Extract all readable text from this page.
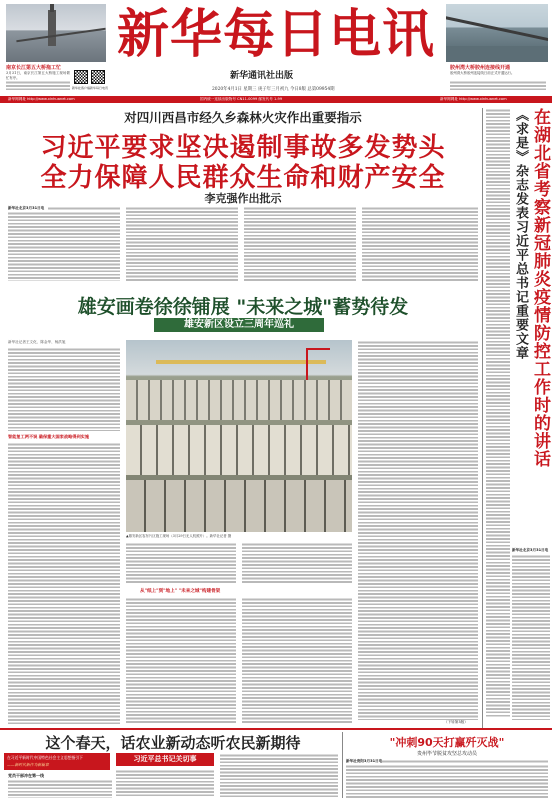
南京长江第五大桥拖工忙
3月31日，南京长江第五大桥施工现场繁忙有序。
新华社客户端 新华每日电讯
新华每日电讯
新华通讯社出版
2020年4月1日 星期三 庚子年三月初九 今日8版 总第09954期
胶州湾大桥胶州连接线开通
胶州湾大桥胶州连接线日前正式开通运行。
新华网网址 http://www.xinhuanet.com	国内统一连续出版物号 CN11-0099 邮发代号 1-99	新华网网址 http://www.xinhuanet.com
对四川西昌市经久乡森林火灾作出重要指示
习近平要求坚决遏制事故多发势头
全力保障人民群众生命和财产安全
李克强作出批示
新华社北京3月31日电
雄安画卷徐徐铺展 "未来之城"蓄势待发
雄安新区设立三周年巡礼
新华社记者王文化、陈金华、杨洪旭
智能复工两不误 确保重大国家战略得到实施
▲雄安新区容东片区施工现场（3月29日无人机照片）。新华社记者 摄
从"纸上"到"地上" "未来之城"构建骨架
（下转第3版）
《求是》杂志发表习近平总书记重要文章 在湖北省考察新冠肺炎疫情防控工作时的讲话
新华社北京3月31日电
这个春天，话农业新动态听农民新期待
在习近平新时代中国特色社会主义思想指引下
——新时代新作为新篇章
党员干部冲在第一线
习近平总书记关切事
"冲刺90天打赢歼灭战"
贵州毕节脱贫攻坚总攻动员
新华社贵阳3月31日电
